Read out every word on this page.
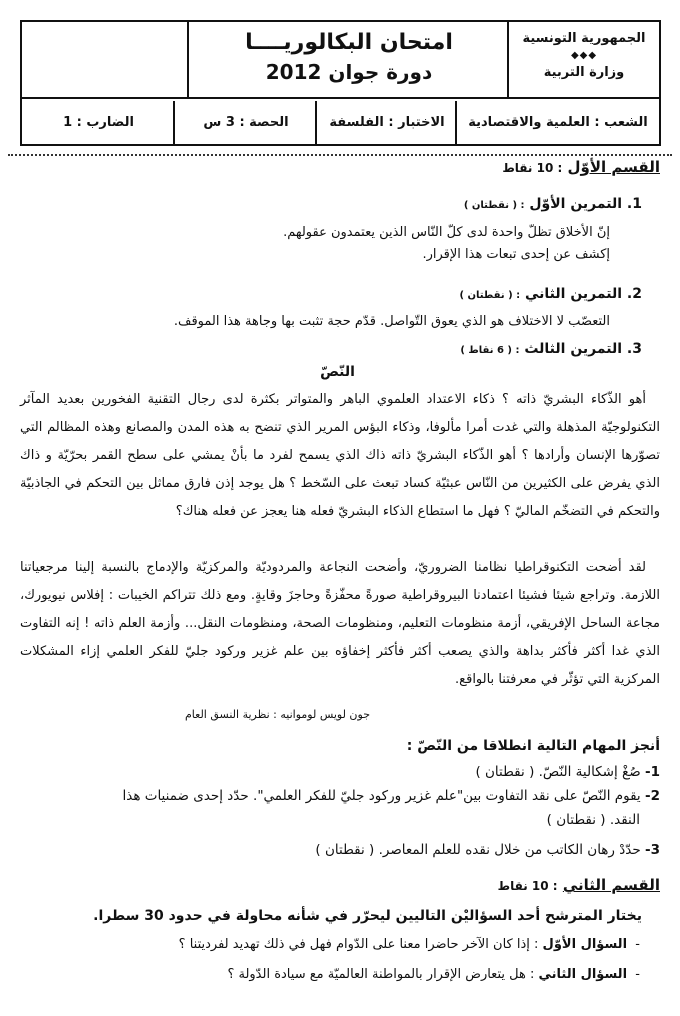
الجمهورية التونسية
◆◆◆
وزارة التربية
امتحان البكالوريــــا
دورة جوان 2012
الشعب : العلمية والاقتصادية
الاختبار : الفلسفة
الحصة : 3 س
الضارب : 1
القسم الأوّل : 10 نقاط
1. التمرين الأوّل : ( نقطتان )
إنّ الأخلاق تظلّ واحدة لدى كلّ النّاس الذين يعتمدون عقولهم.
إكشف عن إحدى تبعات هذا الإقرار.
2. التمرين الثاني : ( نقطتان )
التعصّب لا الاختلاف هو الذي يعوق التّواصل. قدّم حجة تثبت بها وجاهة هذا الموقف.
3. التمرين الثالث : ( 6 نقاط )
النّصّ
أهو الذّكاء البشريّ ذاته ؟ ذكاء الاعتداد العلموي الباهر والمتواتر بكثرة لدى رجال التقنية الفخورين بعديد المآثر التكنولوجيّة المذهلة والتي غدت أمرا مألوفا، وذكاء البؤس المرير الذي تنضح به هذه المدن والمصانع وهذه المظالم التي تصوّرها الإنسان وأرادها ؟ أهو الذّكاء البشريّ ذاته ذاك الذي يسمح لفرد ما بأنْ يمشي على سطح القمر بحرّيّة و ذاك الذي يفرض على الكثيرين من النّاس عبثيّة كساد تبعث على السّخط ؟ هل يوجد إذن فارق مماثل بين التحكم في الجاذبيّة والتحكم في التضخّم الماليّ ؟ فهل ما استطاع الذكاء البشريّ فعله هنا يعجز عن فعله هناك؟
لقد أضحت التكنوقراطيا نظامنا الضروريّ، وأضحت النجاعة والمردوديّة والمركزيّة والإدماج بالنسبة إلينا مرجعياتنا اللازمة. وتراجع شيئا فشيئا اعتمادنا البيروقراطية صورةً محفّزةً وحاجزَ وقايةٍ. ومع ذلك تتراكم الخيبات : إفلاس نيويورك، مجاعة الساحل الإفريقي، أزمة منظومات التعليم، ومنظومات الصحة، ومنظومات النقل... وأزمة العلم ذاته ! إنه التفاوت الذي غدا أكثر فأكثر بداهة والذي يصعب أكثر فأكثر إخفاؤه بين علم غزير وركود جليّ للفكر العلمي إزاء المشكلات المركزية التي تؤثّر في معرفتنا بالواقع.
جون لويس لوموانيه : نظرية النسق العام
أنجز المهام التالية انطلاقا من النّصّ :
1- صُغْ إشكالية النّصّ. ( نقطتان )
2- يقوم النّصّ على نقد التفاوت بين"علم غزير وركود جليّ للفكر العلمي". حدّد إحدى ضمنيات هذا
النقد. ( نقطتان )
3- حدّدْ رهان الكاتب من خلال نقده للعلم المعاصر. ( نقطتان )
القسم الثاني : 10 نقاط
يختار المترشح أحد السؤاليْن التاليين ليحرّر في شأنه محاولة في حدود 30 سطرا.
-  السؤال الأوّل : إذا كان الآخر حاضرا معنا على الدّوام فهل في ذلك تهديد لفرديتنا ؟
-  السؤال الثاني : هل يتعارض الإقرار بالمواطنة العالميّة مع سيادة الدّولة ؟
